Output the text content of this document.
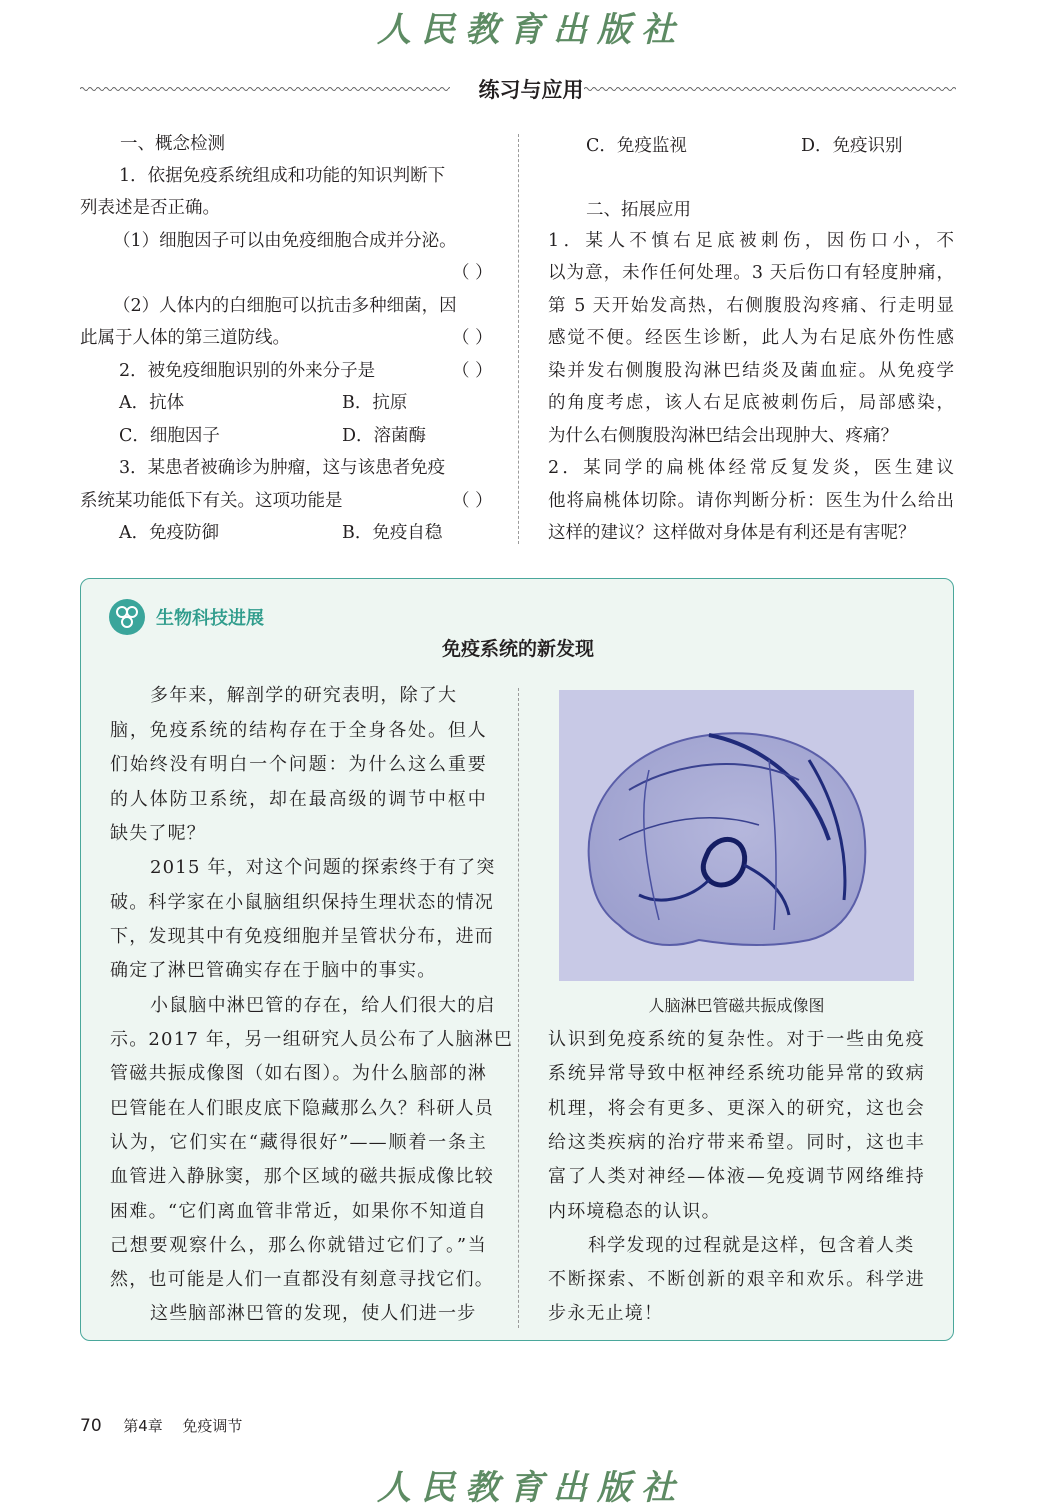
人民教育出版社
练习与应用
一、概念检测
1．依据免疫系统组成和功能的知识判断下
列表述是否正确。
（1）细胞因子可以由免疫细胞合成并分泌。
（ ）
（2）人体内的白细胞可以抗击多种细菌，因
此属于人体的第三道防线。	（ ）
2．被免疫细胞识别的外来分子是	（ ）
A．抗体	B．抗原
C．细胞因子	D．溶菌酶
3．某患者被确诊为肿瘤，这与该患者免疫
系统某功能低下有关。这项功能是	（ ）
A．免疫防御	B．免疫自稳
C．免疫监视	D．免疫识别
二、拓展应用
1．某人不慎右足底被刺伤，因伤口小，不
以为意，未作任何处理。3 天后伤口有轻度肿痛，
第 5 天开始发高热，右侧腹股沟疼痛、行走明显
感觉不便。经医生诊断，此人为右足底外伤性感
染并发右侧腹股沟淋巴结炎及菌血症。从免疫学
的角度考虑，该人右足底被刺伤后，局部感染，
为什么右侧腹股沟淋巴结会出现肿大、疼痛？
2．某同学的扁桃体经常反复发炎，医生建议
他将扁桃体切除。请你判断分析：医生为什么给出
这样的建议？这样做对身体是有利还是有害呢？
生物科技进展
免疫系统的新发现
多年来，解剖学的研究表明，除了大
脑，免疫系统的结构存在于全身各处。但人
们始终没有明白一个问题：为什么这么重要
的人体防卫系统，却在最高级的调节中枢中
缺失了呢？
2015 年，对这个问题的探索终于有了突
破。科学家在小鼠脑组织保持生理状态的情况
下，发现其中有免疫细胞并呈管状分布，进而
确定了淋巴管确实存在于脑中的事实。
小鼠脑中淋巴管的存在，给人们很大的启
示。2017 年，另一组研究人员公布了人脑淋巴
管磁共振成像图（如右图）。为什么脑部的淋
巴管能在人们眼皮底下隐藏那么久？科研人员
认为，它们实在“藏得很好”——顺着一条主
血管进入静脉窦，那个区域的磁共振成像比较
困难。“它们离血管非常近，如果你不知道自
己想要观察什么，那么你就错过它们了。”当
然，也可能是人们一直都没有刻意寻找它们。
这些脑部淋巴管的发现，使人们进一步
人脑淋巴管磁共振成像图
认识到免疫系统的复杂性。对于一些由免疫
系统异常导致中枢神经系统功能异常的致病
机理，将会有更多、更深入的研究，这也会
给这类疾病的治疗带来希望。同时，这也丰
富了人类对神经—体液—免疫调节网络维持
内环境稳态的认识。
科学发现的过程就是这样，包含着人类
不断探索、不断创新的艰辛和欢乐。科学进
步永无止境！
70 第4章 免疫调节
人民教育出版社
